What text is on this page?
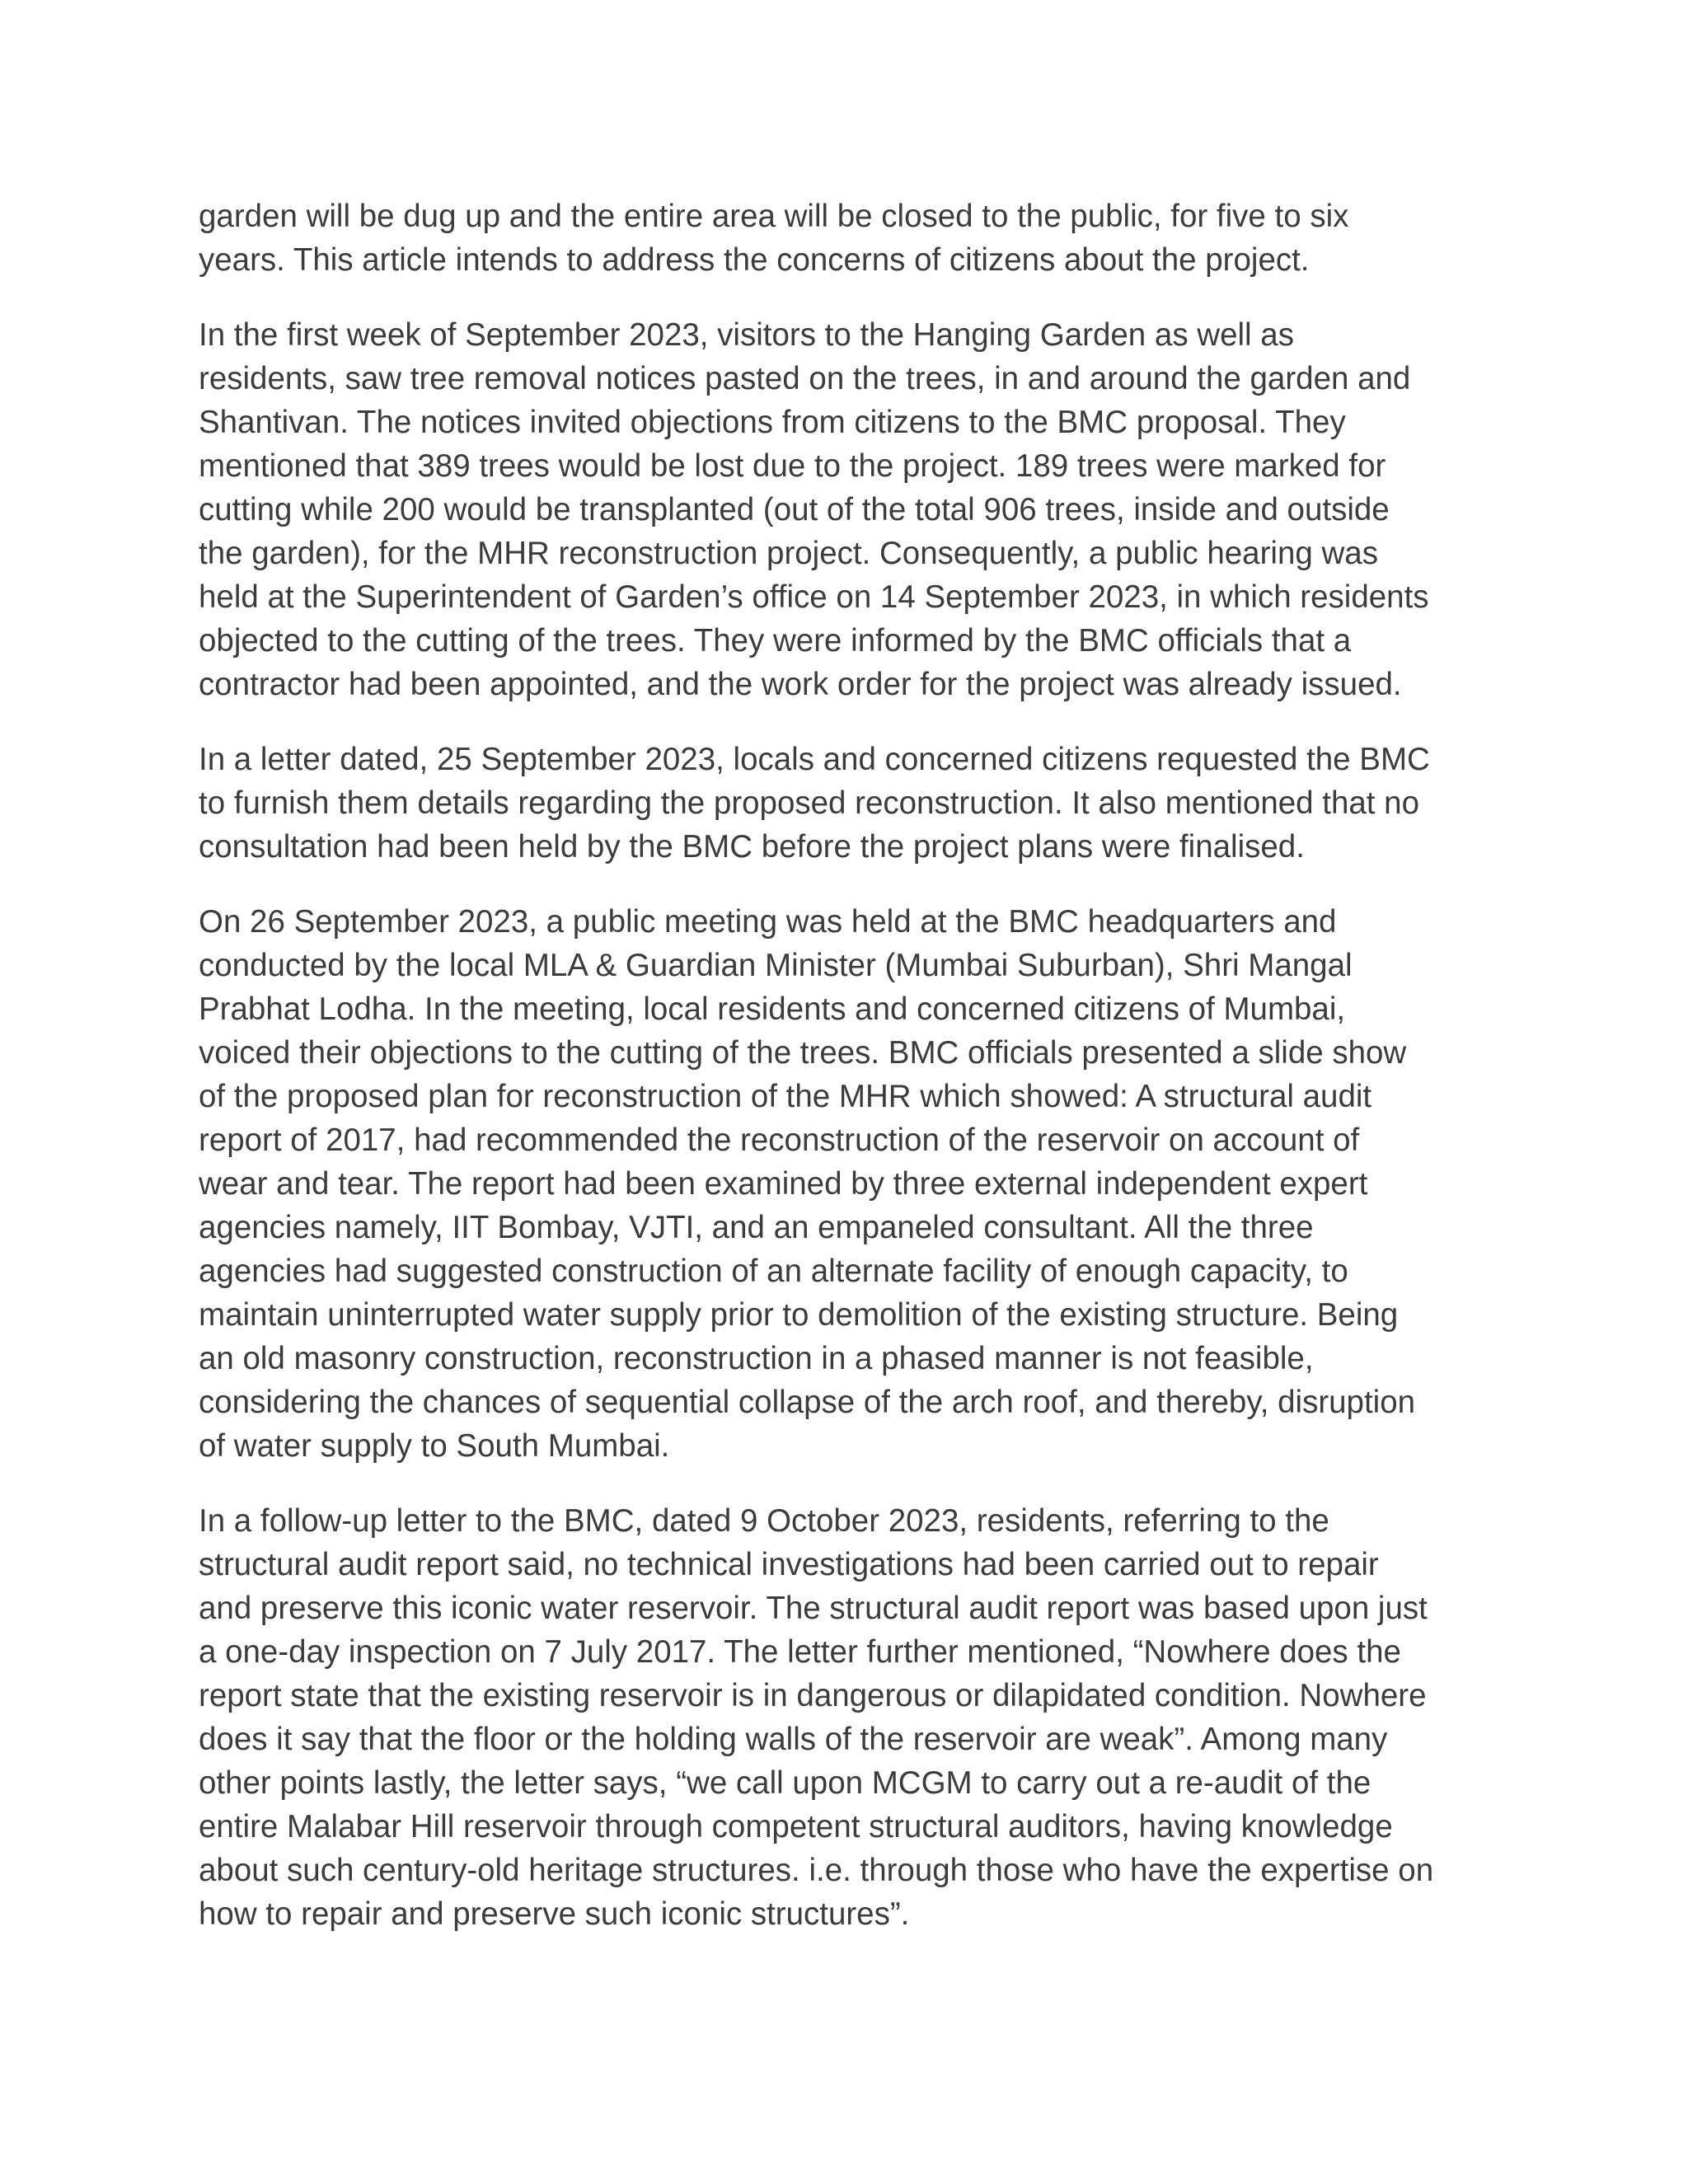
garden will be dug up and the entire area will be closed to the public, for five to six
years. This article intends to address the concerns of citizens about the project.

In the first week of September 2023, visitors to the Hanging Garden as well as
residents, saw tree removal notices pasted on the trees, in and around the garden and
Shantivan. The notices invited objections from citizens to the BMC proposal. They
mentioned that 389 trees would be lost due to the project. 189 trees were marked for
cutting while 200 would be transplanted (out of the total 906 trees, inside and outside
the garden), for the MHR reconstruction project. Consequently, a public hearing was
held at the Superintendent of Garden’s office on 14 September 2023, in which residents
objected to the cutting of the trees. They were informed by the BMC officials that a
contractor had been appointed, and the work order for the project was already issued.

In a letter dated, 25 September 2023, locals and concerned citizens requested the BMC
to furnish them details regarding the proposed reconstruction. It also mentioned that no
consultation had been held by the BMC before the project plans were finalised.

On 26 September 2023, a public meeting was held at the BMC headquarters and
conducted by the local MLA & Guardian Minister (Mumbai Suburban), Shri Mangal
Prabhat Lodha. In the meeting, local residents and concerned citizens of Mumbai,
voiced their objections to the cutting of the trees. BMC officials presented a slide show
of the proposed plan for reconstruction of the MHR which showed: A structural audit
report of 2017, had recommended the reconstruction of the reservoir on account of
wear and tear. The report had been examined by three external independent expert
agencies namely, IIT Bombay, VJTI, and an empaneled consultant. All the three
agencies had suggested construction of an alternate facility of enough capacity, to
maintain uninterrupted water supply prior to demolition of the existing structure. Being
an old masonry construction, reconstruction in a phased manner is not feasible,
considering the chances of sequential collapse of the arch roof, and thereby, disruption
of water supply to South Mumbai.

In a follow-up letter to the BMC, dated 9 October 2023, residents, referring to the
structural audit report said, no technical investigations had been carried out to repair
and preserve this iconic water reservoir. The structural audit report was based upon just
a one-day inspection on 7 July 2017. The letter further mentioned, “Nowhere does the
report state that the existing reservoir is in dangerous or dilapidated condition. Nowhere
does it say that the floor or the holding walls of the reservoir are weak”. Among many
other points lastly, the letter says, “we call upon MCGM to carry out a re-audit of the
entire Malabar Hill reservoir through competent structural auditors, having knowledge
about such century-old heritage structures. i.e. through those who have the expertise on
how to repair and preserve such iconic structures”.
